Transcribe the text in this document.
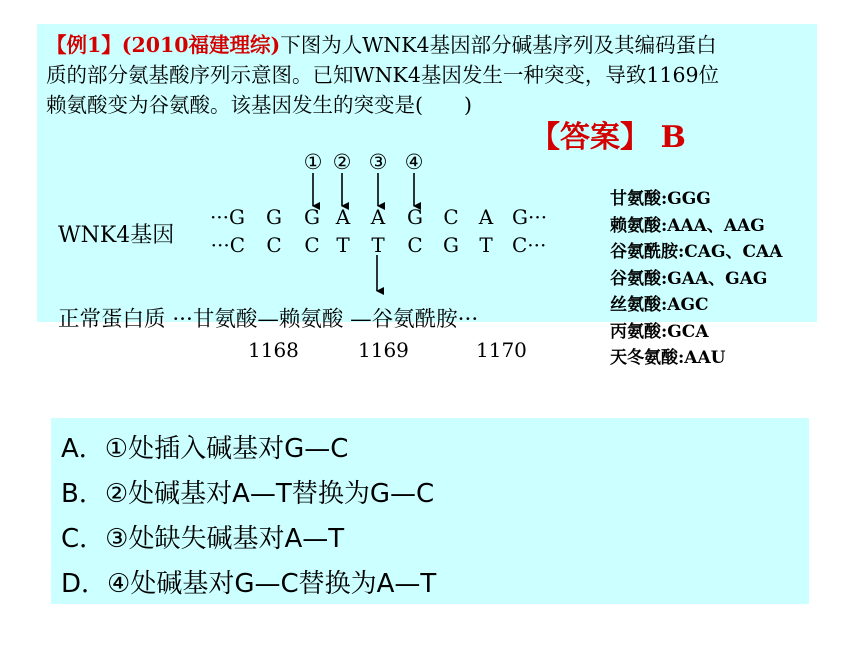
【例1】(2010福建理综)下图为人WNK4基因部分碱基序列及其编码蛋白
质的部分氨基酸序列示意图。已知WNK4基因发生一种突变，导致1169位
赖氨酸变为谷氨酸。该基因发生的突变是(　　)
【答案】 B
① ② ③ ④
WNK4基因
···G G G A A G C A G···
···C C C T T C G T C···
甘氨酸:GGG
赖氨酸:AAA、AAG
谷氨酰胺:CAG、CAA
谷氨酸:GAA、GAG
丝氨酸:AGC
丙氨酸:GCA
天冬氨酸:AAU
正常蛋白质 ···甘氨酸—赖氨酸 —谷氨酰胺···
1168	1169	1170
A．①处插入碱基对G—C
B．②处碱基对A—T替换为G—C
C．③处缺失碱基对A—T
D．④处碱基对G—C替换为A—T
